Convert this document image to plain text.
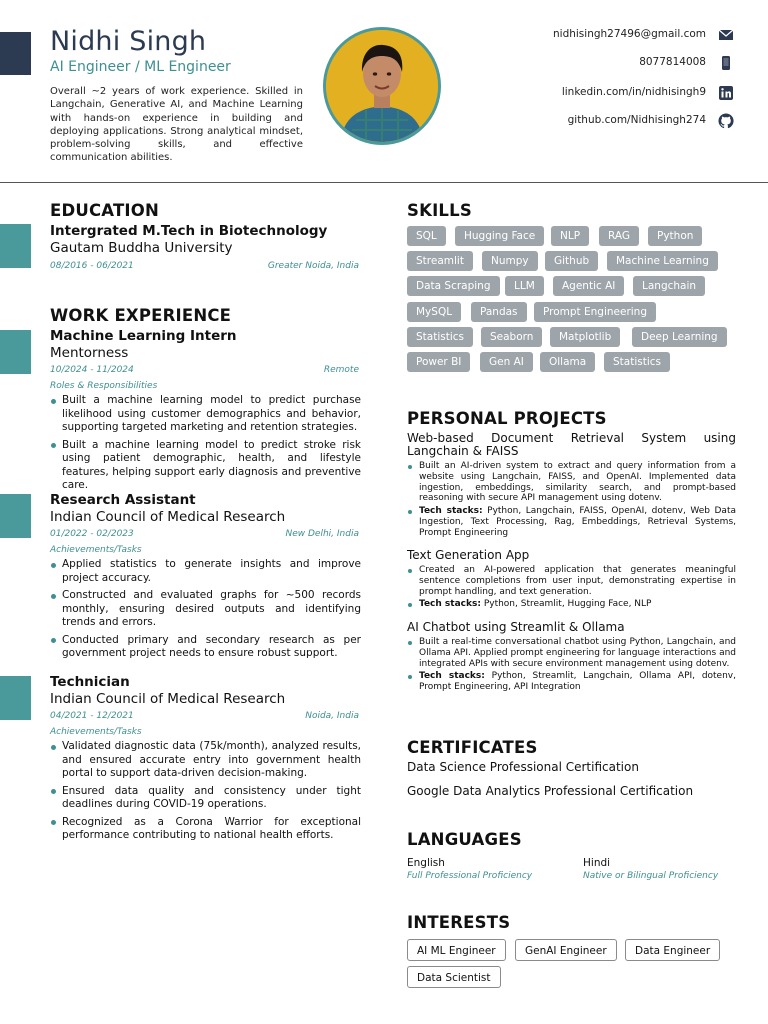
Nidhi Singh
AI Engineer / ML Engineer
Overall ~2 years of work experience. Skilled in Langchain, Generative AI, and Machine Learning with hands-on experience in building and deploying applications. Strong analytical mindset, problem-solving skills, and effective communication abilities.
nidhisingh27496@gmail.com
8077814008
linkedin.com/in/nidhisingh9
github.com/Nidhisingh274
EDUCATION
Intergrated M.Tech in Biotechnology
Gautam Buddha University
08/2016 - 06/2021	Greater Noida, India
WORK EXPERIENCE
Machine Learning Intern
Mentorness
10/2024 - 11/2024	Remote
Roles & Responsibilities
Built a machine learning model to predict purchase likelihood using customer demographics and behavior, supporting targeted marketing and retention strategies.
Built a machine learning model to predict stroke risk using patient demographic, health, and lifestyle features, helping support early diagnosis and preventive care.
Research Assistant
Indian Council of Medical Research
01/2022 - 02/2023	New Delhi, India
Achievements/Tasks
Applied statistics to generate insights and improve project accuracy.
Constructed and evaluated graphs for ~500 records monthly, ensuring desired outputs and identifying trends and errors.
Conducted primary and secondary research as per government project needs to ensure robust support.
Technician
Indian Council of Medical Research
04/2021 - 12/2021	Noida, India
Achievements/Tasks
Validated diagnostic data (75k/month), analyzed results, and ensured accurate entry into government health portal to support data-driven decision-making.
Ensured data quality and consistency under tight deadlines during COVID-19 operations.
Recognized as a Corona Warrior for exceptional performance contributing to national health efforts.
SKILLS
SQL	Hugging Face	NLP	RAG	Python
Streamlit	Numpy	Github	Machine Learning
Data Scraping	LLM	Agentic AI	Langchain
MySQL	Pandas	Prompt Engineering
Statistics	Seaborn	Matplotlib	Deep Learning
Power BI	Gen AI	Ollama	Statistics
PERSONAL PROJECTS
Web-based Document Retrieval System using Langchain & FAISS
Built an AI-driven system to extract and query information from a website using Langchain, FAISS, and OpenAI. Implemented data ingestion, embeddings, similarity search, and prompt-based reasoning with secure API management using dotenv.
Tech stacks: Python, Langchain, FAISS, OpenAI, dotenv, Web Data Ingestion, Text Processing, Rag, Embeddings, Retrieval Systems, Prompt Engineering
Text Generation App
Created an AI-powered application that generates meaningful sentence completions from user input, demonstrating expertise in prompt handling, and text generation.
Tech stacks: Python, Streamlit, Hugging Face, NLP
AI Chatbot using Streamlit & Ollama
Built a real-time conversational chatbot using Python, Langchain, and Ollama API. Applied prompt engineering for language interactions and integrated APIs with secure environment management using dotenv.
Tech stacks: Python, Streamlit, Langchain, Ollama API, dotenv, Prompt Engineering, API Integration
CERTIFICATES
Data Science Professional Certification
Google Data Analytics Professional Certification
LANGUAGES
English
Full Professional Proficiency
Hindi
Native or Bilingual Proficiency
INTERESTS
AI ML Engineer	GenAI Engineer	Data Engineer
Data Scientist
